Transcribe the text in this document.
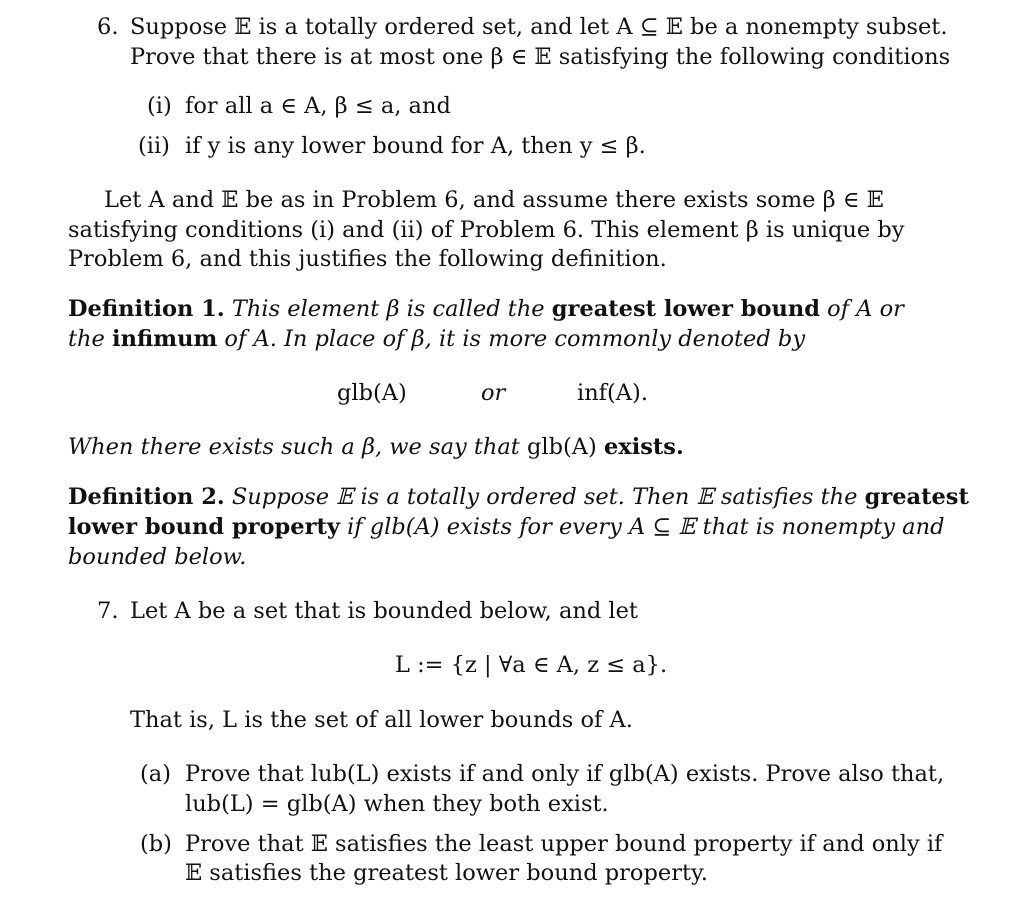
6. Suppose 𝔼 is a totally ordered set, and let A ⊆ 𝔼 be a nonempty subset.
Prove that there is at most one β ∈ 𝔼 satisfying the following conditions
(i) for all a ∈ A, β ≤ a, and
(ii) if y is any lower bound for A, then y ≤ β.
Let A and 𝔼 be as in Problem 6, and assume there exists some β ∈ 𝔼
satisfying conditions (i) and (ii) of Problem 6. This element β is unique by
Problem 6, and this justifies the following definition.
Definition 1. This element β is called the greatest lower bound of A or
the infimum of A. In place of β, it is more commonly denoted by
glb(A)	or	inf(A).
When there exists such a β, we say that glb(A) exists.
Definition 2. Suppose 𝔼 is a totally ordered set. Then 𝔼 satisfies the greatest
lower bound property if glb(A) exists for every A ⊆ 𝔼 that is nonempty and
bounded below.
7. Let A be a set that is bounded below, and let
L := {z | ∀a ∈ A, z ≤ a}.
That is, L is the set of all lower bounds of A.
(a) Prove that lub(L) exists if and only if glb(A) exists. Prove also that,
lub(L) = glb(A) when they both exist.
(b) Prove that 𝔼 satisfies the least upper bound property if and only if
𝔼 satisfies the greatest lower bound property.
